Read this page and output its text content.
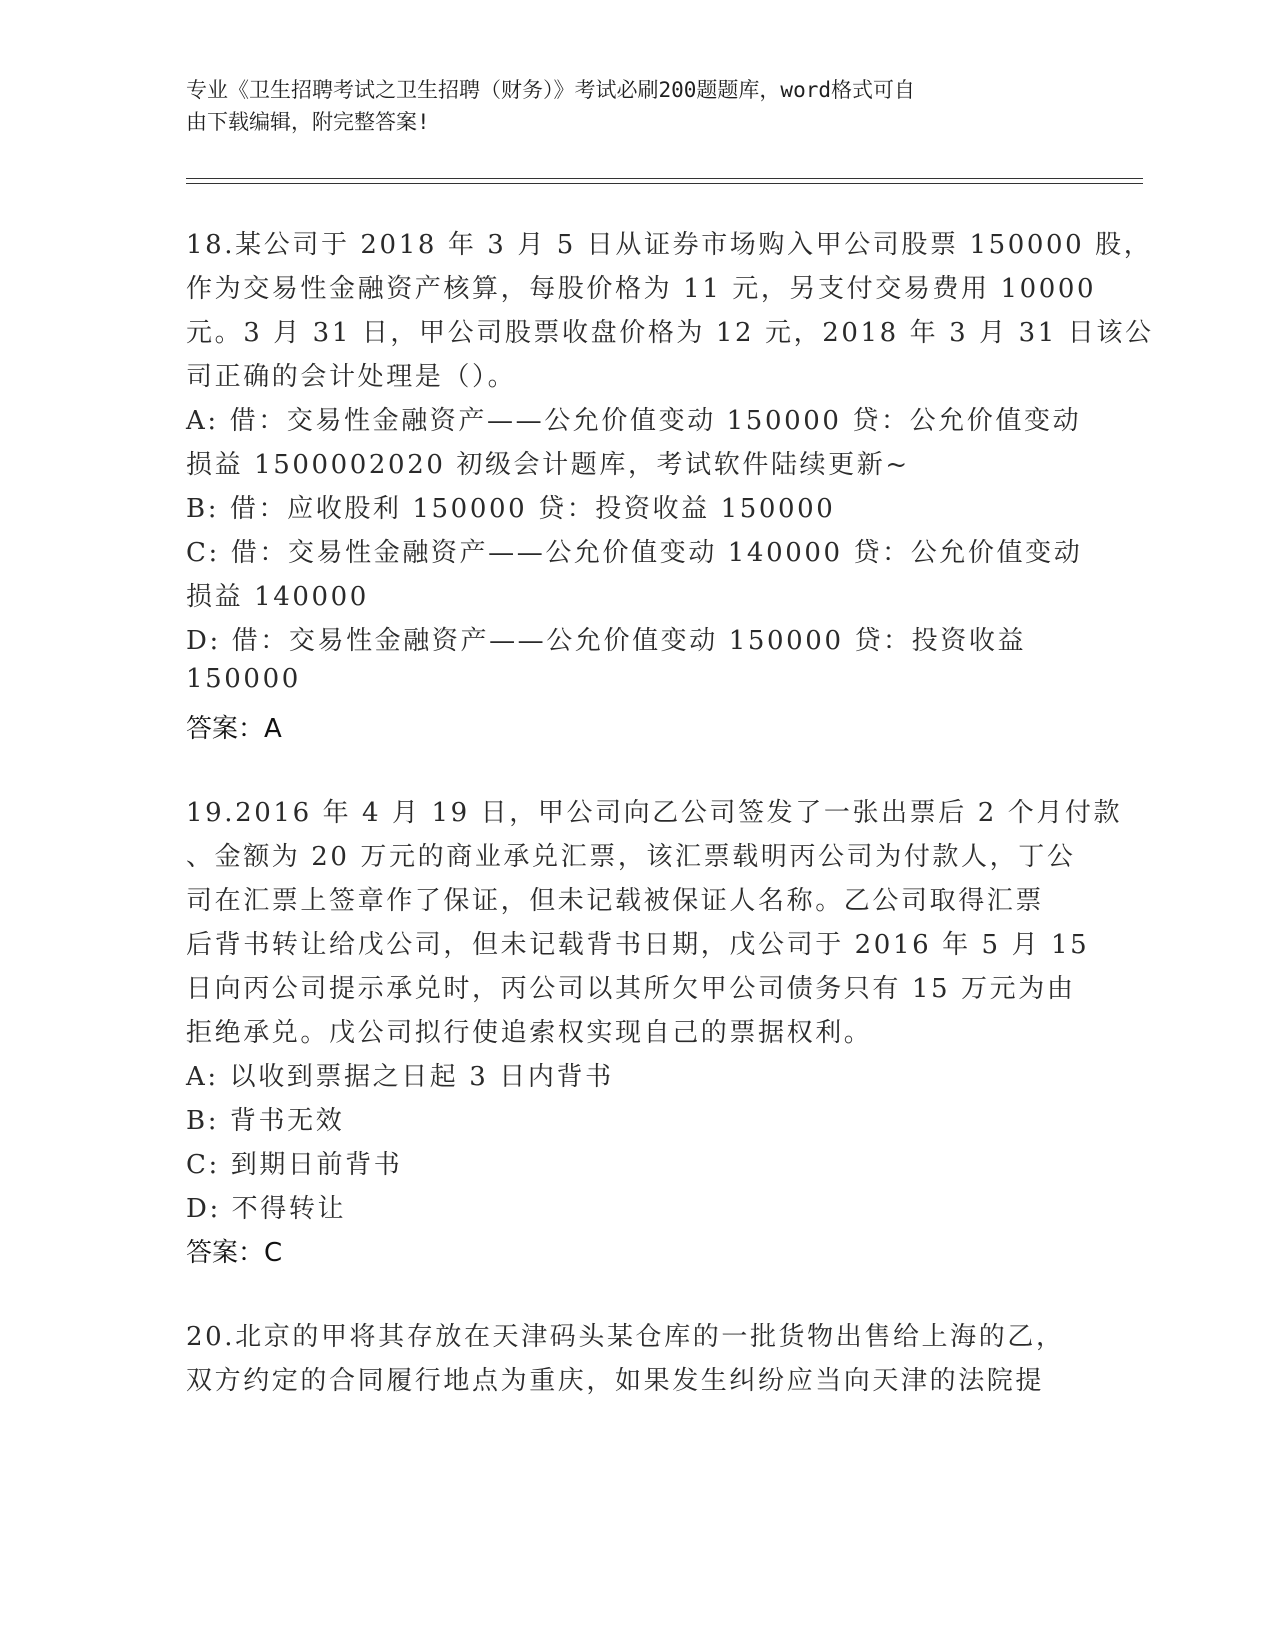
专业《卫生招聘考试之卫生招聘（财务）》考试必刷200题题库，word格式可自
由下载编辑，附完整答案!
18.某公司于 2018 年 3 月 5 日从证券市场购入甲公司股票 150000 股，
作为交易性金融资产核算，每股价格为 11 元，另支付交易费用 10000
元。3 月 31 日，甲公司股票收盘价格为 12 元，2018 年 3 月 31 日该公
司正确的会计处理是（）。
A: 借：交易性金融资产——公允价值变动 150000 贷：公允价值变动
损益 1500002020 初级会计题库，考试软件陆续更新~
B: 借：应收股利 150000 贷：投资收益 150000
C: 借：交易性金融资产——公允价值变动 140000 贷：公允价值变动
损益 140000
D: 借：交易性金融资产——公允价值变动 150000 贷：投资收益
150000
答案：A
19.2016 年 4 月 19 日，甲公司向乙公司签发了一张出票后 2 个月付款
、金额为 20 万元的商业承兑汇票，该汇票载明丙公司为付款人，丁公
司在汇票上签章作了保证，但未记载被保证人名称。乙公司取得汇票
后背书转让给戊公司，但未记载背书日期，戊公司于 2016 年 5 月 15
日向丙公司提示承兑时，丙公司以其所欠甲公司债务只有 15 万元为由
拒绝承兑。戊公司拟行使追索权实现自己的票据权利。
A: 以收到票据之日起 3 日内背书
B: 背书无效
C: 到期日前背书
D: 不得转让
答案：C
20.北京的甲将其存放在天津码头某仓库的一批货物出售给上海的乙，
双方约定的合同履行地点为重庆，如果发生纠纷应当向天津的法院提
